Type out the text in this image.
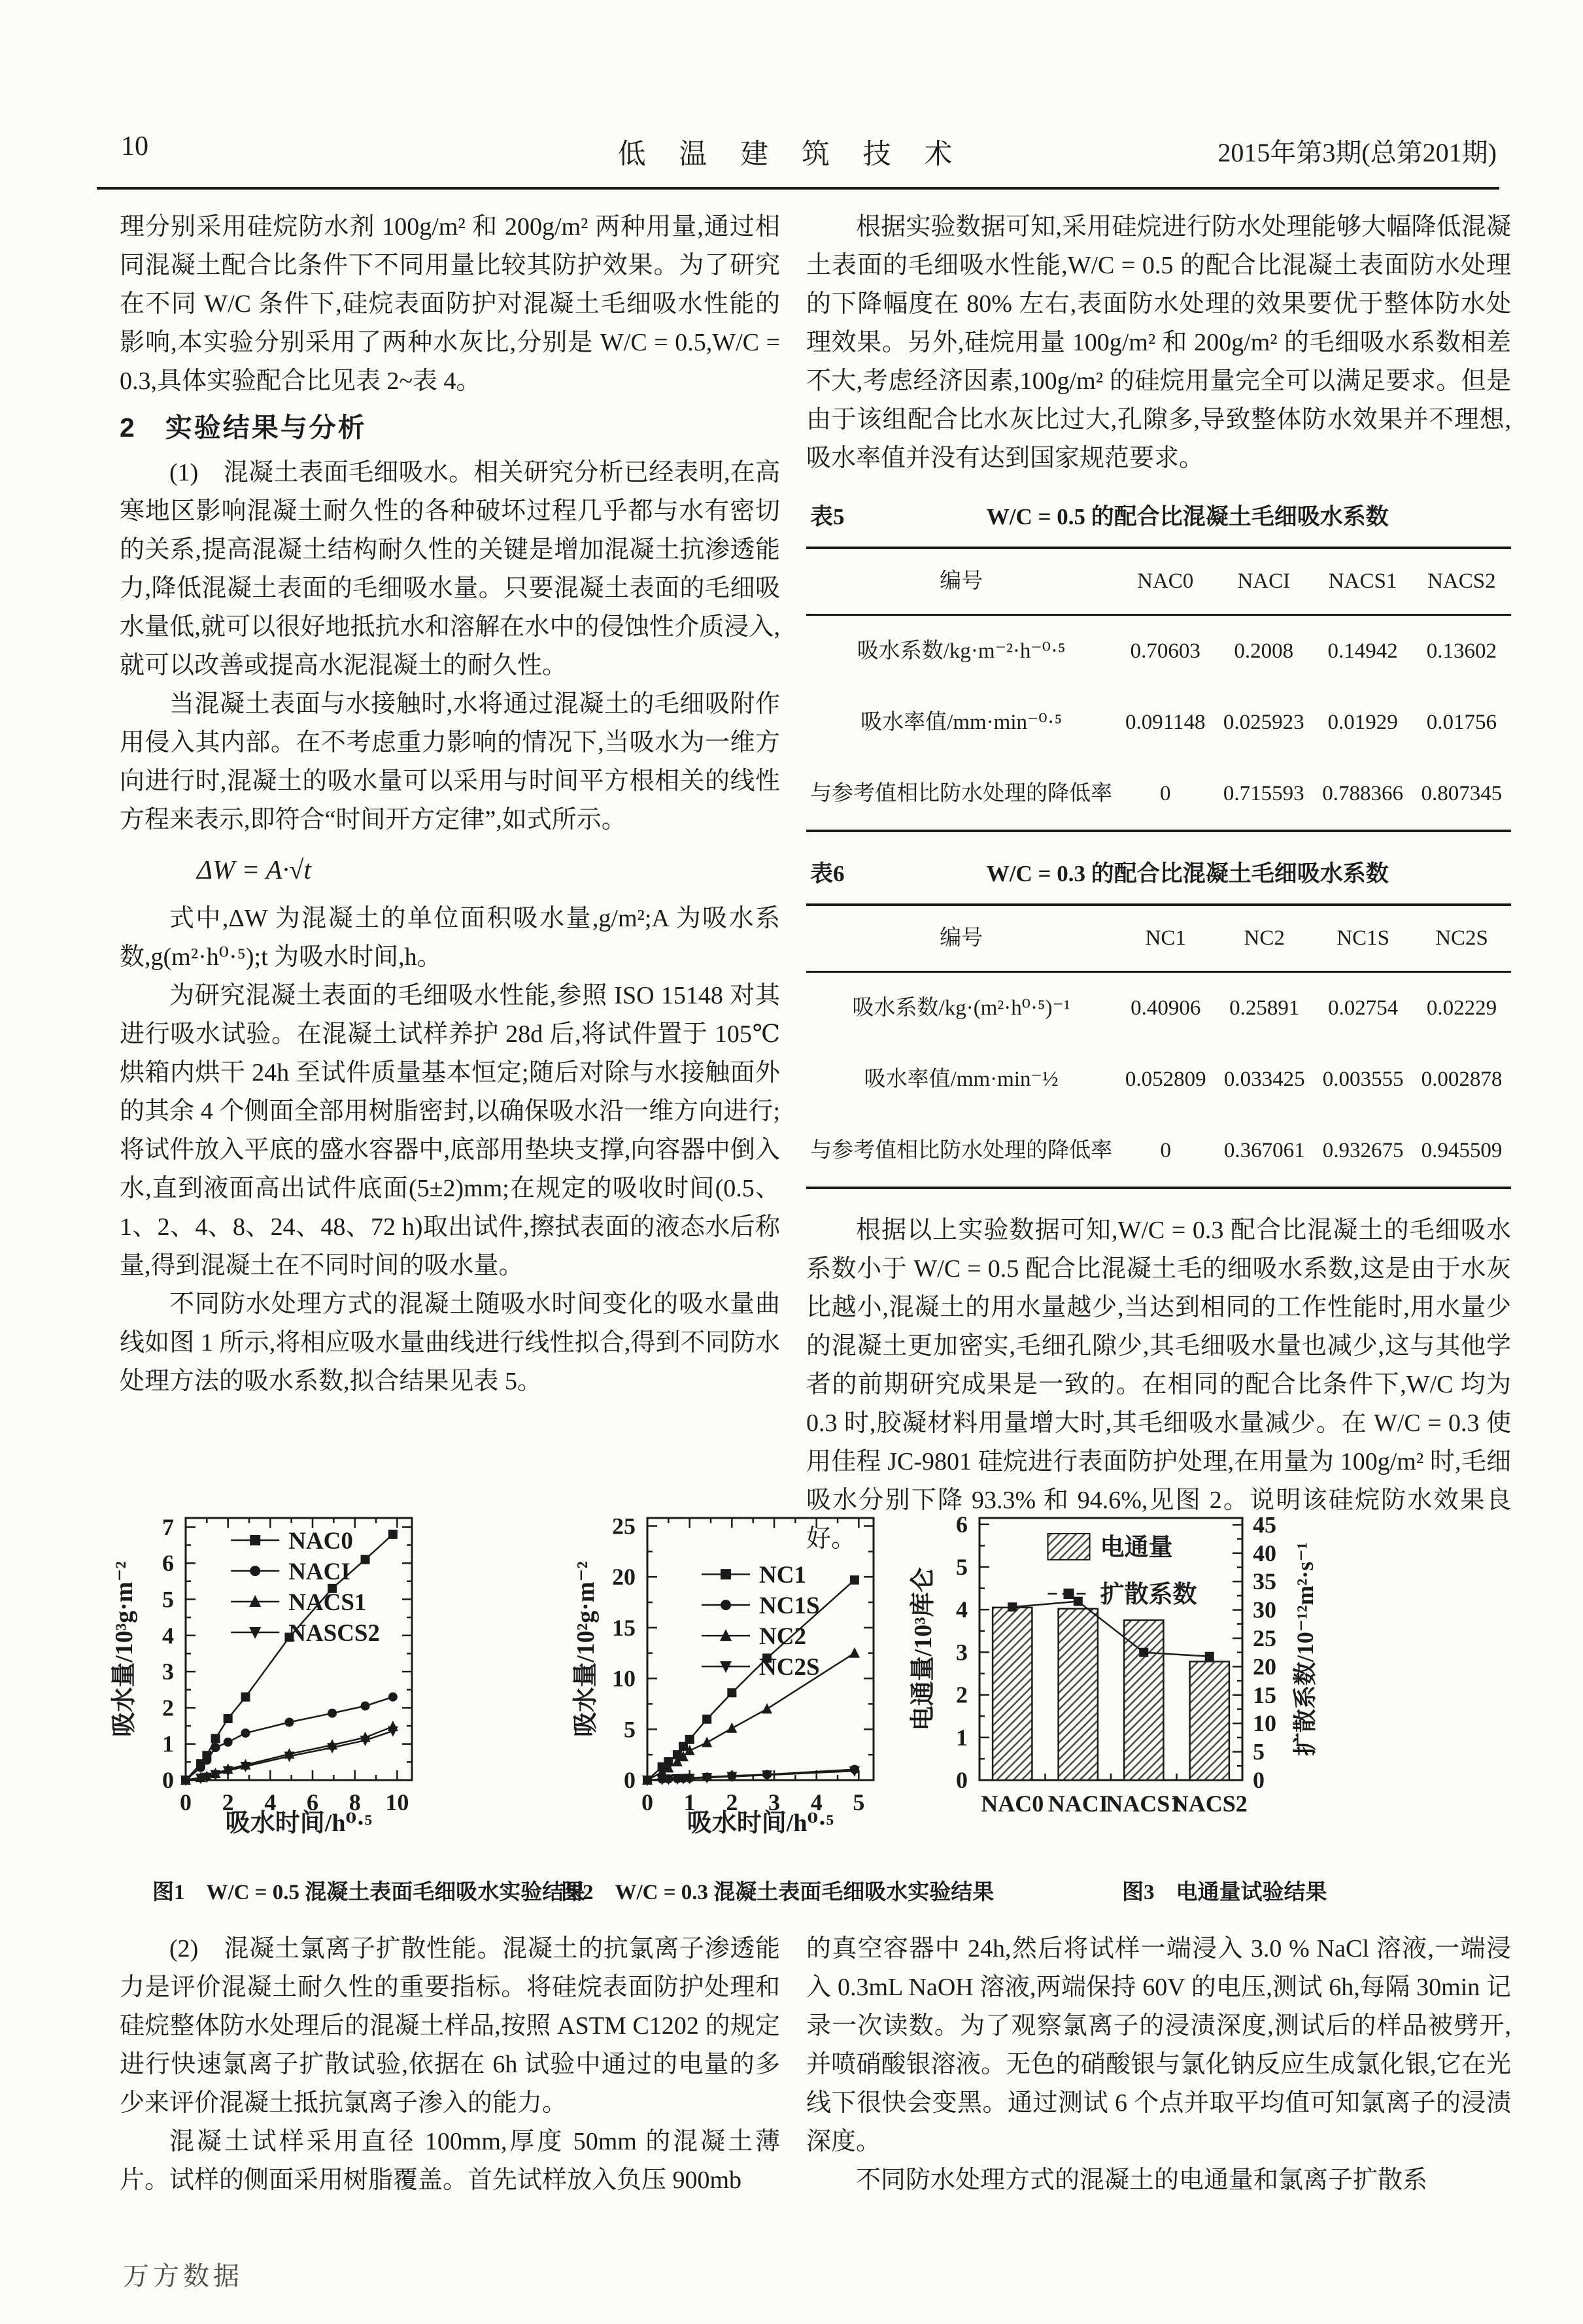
10	低 温 建 筑 技 术	2015年第3期(总第201期)

理分别采用硅烷防水剂 100g/m² 和 200g/m² 两种用量,通过相同混凝土配合比条件下不同用量比较其防护效果。为了研究在不同 W/C 条件下,硅烷表面防护对混凝土毛细吸水性能的影响,本实验分别采用了两种水灰比,分别是 W/C = 0.5,W/C = 0.3,具体实验配合比见表 2~表 4。

2　实验结果与分析

(1)　混凝土表面毛细吸水。相关研究分析已经表明,在高寒地区影响混凝土耐久性的各种破坏过程几乎都与水有密切的关系,提高混凝土结构耐久性的关键是增加混凝土抗渗透能力,降低混凝土表面的毛细吸水量。只要混凝土表面的毛细吸水量低,就可以很好地抵抗水和溶解在水中的侵蚀性介质浸入,就可以改善或提高水泥混凝土的耐久性。

当混凝土表面与水接触时,水将通过混凝土的毛细吸附作用侵入其内部。在不考虑重力影响的情况下,当吸水为一维方向进行时,混凝土的吸水量可以采用与时间平方根相关的线性方程来表示,即符合“时间开方定律”,如式所示。

ΔW = A·√t

式中,ΔW 为混凝土的单位面积吸水量,g/m²;A 为吸水系数,g(m²·h⁰·⁵);t 为吸水时间,h。

为研究混凝土表面的毛细吸水性能,参照 ISO 15148 对其进行吸水试验。在混凝土试样养护 28d 后,将试件置于 105℃ 烘箱内烘干 24h 至试件质量基本恒定;随后对除与水接触面外的其余 4 个侧面全部用树脂密封,以确保吸水沿一维方向进行;将试件放入平底的盛水容器中,底部用垫块支撑,向容器中倒入水,直到液面高出试件底面(5±2)mm;在规定的吸收时间(0.5、1、2、4、8、24、48、72 h)取出试件,擦拭表面的液态水后称量,得到混凝土在不同时间的吸水量。

不同防水处理方式的混凝土随吸水时间变化的吸水量曲线如图 1 所示,将相应吸水量曲线进行线性拟合,得到不同防水处理方法的吸水系数,拟合结果见表 5。

根据实验数据可知,采用硅烷进行防水处理能够大幅降低混凝土表面的毛细吸水性能,W/C = 0.5 的配合比混凝土表面防水处理的下降幅度在 80% 左右,表面防水处理的效果要优于整体防水处理效果。另外,硅烷用量 100g/m² 和 200g/m² 的毛细吸水系数相差不大,考虑经济因素,100g/m² 的硅烷用量完全可以满足要求。但是由于该组配合比水灰比过大,孔隙多,导致整体防水效果并不理想,吸水率值并没有达到国家规范要求。

表5	W/C = 0.5 的配合比混凝土毛细吸水系数
编号	NAC0	NACI	NACS1	NACS2
吸水系数/kg·m⁻²·h⁻⁰·⁵	0.70603	0.2008	0.14942	0.13602
吸水率值/mm·min⁻⁰·⁵	0.091148	0.025923	0.01929	0.01756
与参考值相比防水处理的降低率	0	0.715593	0.788366	0.807345
表6	W/C = 0.3 的配合比混凝土毛细吸水系数
编号	NC1	NC2	NC1S	NC2S
吸水系数/kg·(m²·h⁰·⁵)⁻¹	0.40906	0.25891	0.02754	0.02229
吸水率值/mm·min⁻½	0.052809	0.033425	0.003555	0.002878
与参考值相比防水处理的降低率	0	0.367061	0.932675	0.945509

根据以上实验数据可知,W/C = 0.3 配合比混凝土的毛细吸水系数小于 W/C = 0.5 配合比混凝土毛的细吸水系数,这是由于水灰比越小,混凝土的用水量越少,当达到相同的工作性能时,用水量少的混凝土更加密实,毛细孔隙少,其毛细吸水量也减少,这与其他学者的前期研究成果是一致的。在相同的配合比条件下,W/C 均为 0.3 时,胶凝材料用量增大时,其毛细吸水量减少。在 W/C = 0.3 使用佳程 JC-9801 硅烷进行表面防护处理,在用量为 100g/m² 时,毛细吸水分别下降 93.3% 和 94.6%,见图 2。说明该硅烷防水效果良好。

0 2 4 6 8 10
0
1
2
3
4
5
6
7
NAC0
NACI
NACS1
NASCS2
吸水时间/h⁰·⁵
吸水量/10³g·m⁻²
0 1 2 3 4 5
0
5
10
15
20
25
NC1
NC1S
NC2
NC2S
吸水时间/h⁰·⁵
吸水量/10²g·m⁻²
0
1
2
3
4
5
6
0
5
10
15
20
25
30
35
40
45
NAC0 NACI
NACS1
NACS2
电通量
扩散系数
电通量/10³库仑	扩散系数/10⁻¹²m²·s⁻¹
图1　W/C = 0.5 混凝土表面毛细吸水实验结果
图2　W/C = 0.3 混凝土表面毛细吸水实验结果	图3　电通量试验结果

(2)　混凝土氯离子扩散性能。混凝土的抗氯离子渗透能力是评价混凝土耐久性的重要指标。将硅烷表面防护处理和硅烷整体防水处理后的混凝土样品,按照 ASTM C1202 的规定进行快速氯离子扩散试验,依据在 6h 试验中通过的电量的多少来评价混凝土抵抗氯离子渗入的能力。

混凝土试样采用直径 100mm,厚度 50mm 的混凝土薄片。试样的侧面采用树脂覆盖。首先试样放入负压 900mb

的真空容器中 24h,然后将试样一端浸入 3.0 % NaCl 溶液,一端浸入 0.3mL NaOH 溶液,两端保持 60V 的电压,测试 6h,每隔 30min 记录一次读数。为了观察氯离子的浸渍深度,测试后的样品被劈开,并喷硝酸银溶液。无色的硝酸银与氯化钠反应生成氯化银,它在光线下很快会变黑。通过测试 6 个点并取平均值可知氯离子的浸渍深度。

不同防水处理方式的混凝土的电通量和氯离子扩散系

万方数据
